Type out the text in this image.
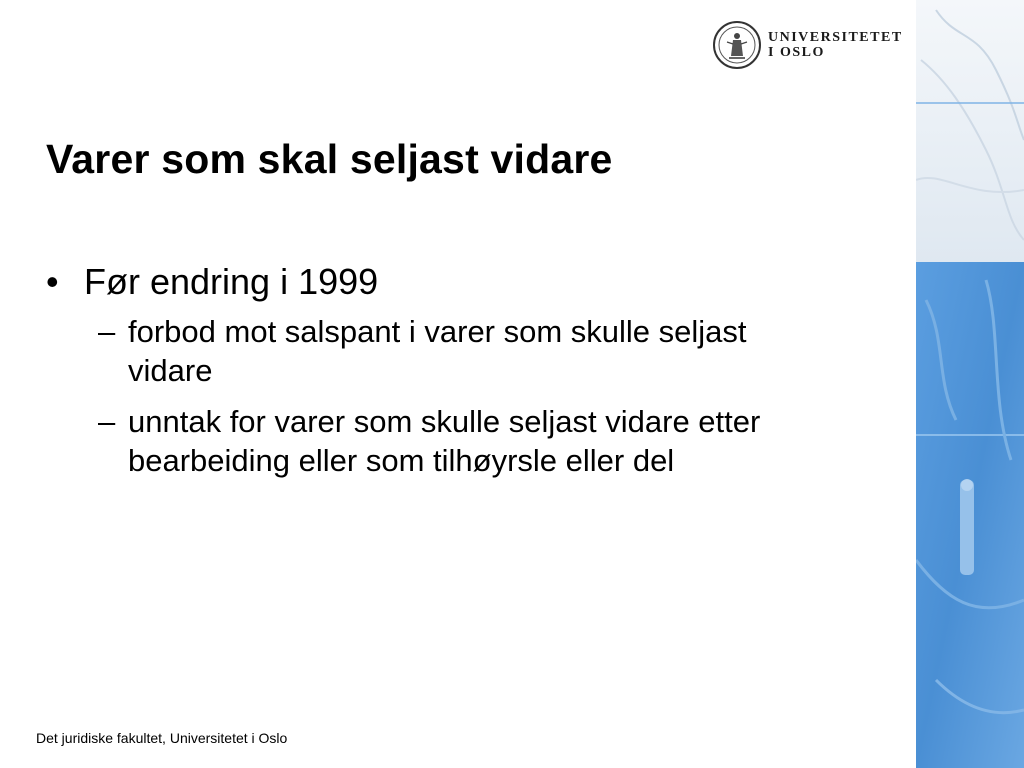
UNIVERSITETET
I OSLO
Varer som skal seljast vidare
• Før endring i 1999
– forbod mot salspant i varer som skulle seljast vidare
– unntak for varer som skulle seljast vidare etter bearbeiding eller som tilhøyrsle eller del
Det juridiske fakultet, Universitetet i Oslo
